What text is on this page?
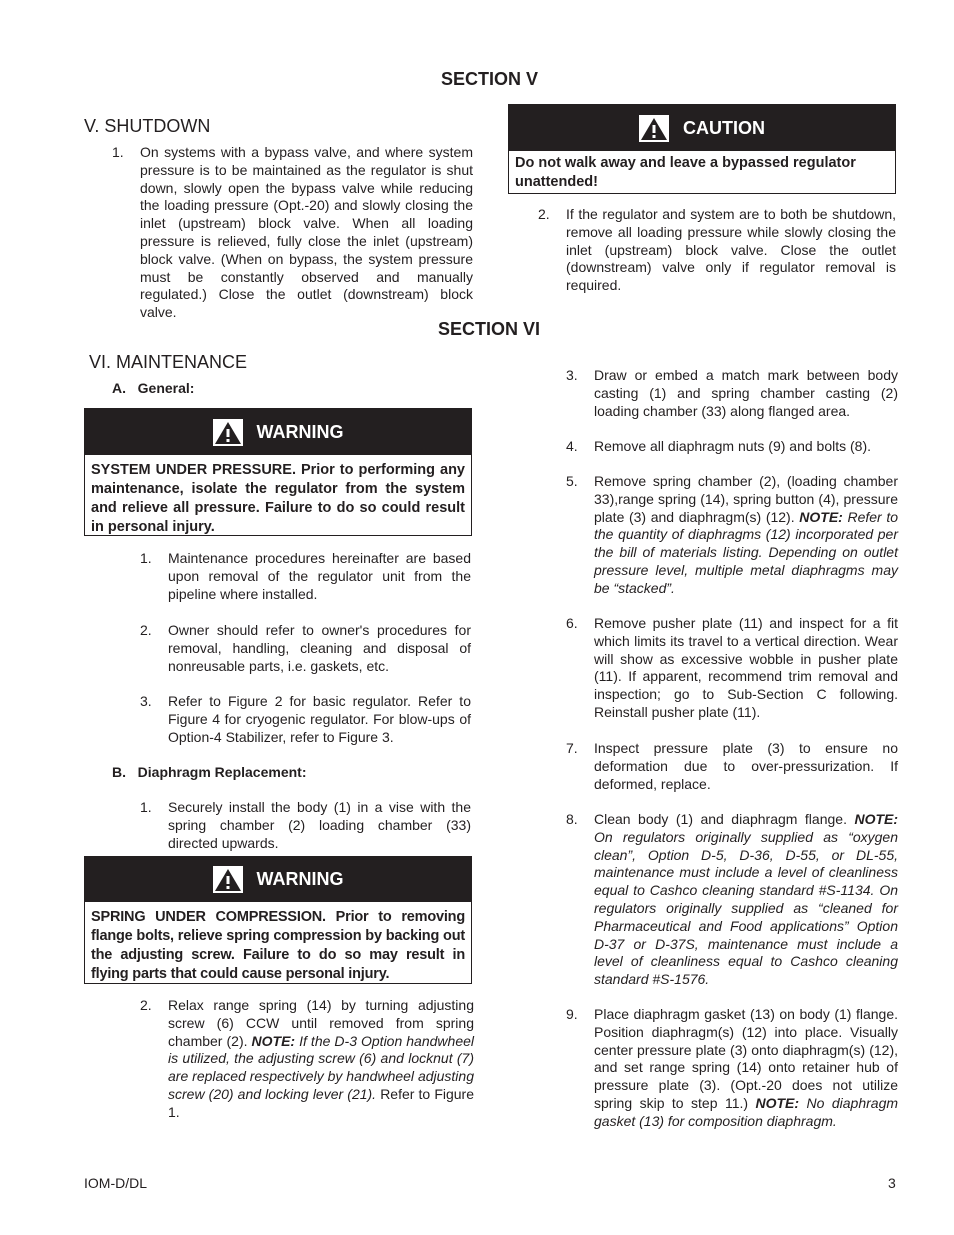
SECTION V
V. SHUTDOWN
1. On systems with a bypass valve, and where system pressure is to be maintained as the regulator is shut down, slowly open the bypass valve while reducing the loading pressure (Opt.-20) and slowly closing the inlet (upstream) block valve. When all loading pressure is relieved, fully close the inlet (upstream) block valve. (When on bypass, the system pressure must be constantly observed and manually regulated.) Close the outlet (downstream) block valve.
CAUTION
Do not walk away and leave a bypassed regulator unattended!
2. If the regulator and system are to both be shutdown, remove all loading pressure while slowly closing the inlet (upstream) block valve. Close the outlet (downstream) valve only if regulator removal is required.
SECTION VI
VI. MAINTENANCE
A.   General:
WARNING
SYSTEM UNDER PRESSURE. Prior to performing any maintenance, isolate the regulator from the system and relieve all pressure. Failure to do so could result in personal injury.
1. Maintenance procedures hereinafter are based upon removal of the regulator unit from the pipeline where installed.
2. Owner should refer to owner's procedures for removal, handling, cleaning and disposal of nonreusable parts, i.e. gaskets, etc.
3. Refer to Figure 2 for basic regulator. Refer to Figure 4 for cryogenic regulator. For blow-ups of Option-4 Stabilizer, refer to Figure 3.
B.   Diaphragm Replacement:
1. Securely install the body (1) in a vise with the spring chamber (2) loading chamber (33) directed upwards.
WARNING
SPRING UNDER COMPRESSION. Prior to removing flange bolts, relieve spring compression by backing out the adjusting screw. Failure to do so may result in flying parts that could cause personal injury.
2. Relax range spring (14) by turning adjusting screw (6) CCW until removed from spring chamber (2). NOTE: If the D-3 Option handwheel is utilized, the adjusting screw (6) and locknut (7) are replaced respectively by handwheel adjusting screw (20) and locking lever (21). Refer to Figure 1.
3. Draw or embed a match mark between body casting (1) and spring chamber casting (2) loading chamber (33) along flanged area.
4. Remove all diaphragm nuts (9) and bolts (8).
5. Remove spring chamber (2), (loading chamber 33),range spring (14), spring button (4), pressure plate (3) and diaphragm(s) (12). NOTE: Refer to the quantity of diaphragms (12) incorporated per the bill of materials listing. Depending on outlet pressure level, multiple metal diaphragms may be “stacked”.
6. Remove pusher plate (11) and inspect for a fit which limits its travel to a vertical direction. Wear will show as excessive wobble in pusher plate (11). If apparent, recommend trim removal and inspection; go to Sub-Section C following. Reinstall pusher plate (11).
7. Inspect pressure plate (3) to ensure no deformation due to over-pressurization. If deformed, replace.
8. Clean body (1) and diaphragm flange. NOTE: On regulators originally supplied as “oxygen clean”, Option D-5, D-36, D-55, or DL-55, maintenance must include a level of cleanliness equal to Cashco cleaning standard #S-1134. On regulators originally supplied as “cleaned for Pharmaceutical and Food applications” Option D-37 or D-37S, maintenance must include a level of cleanliness equal to Cashco cleaning standard #S-1576.
9. Place diaphragm gasket (13) on body (1) flange. Position diaphragm(s) (12) into place. Visually center pressure plate (3) onto diaphragm(s) (12), and set range spring (14) onto retainer hub of pressure plate (3). (Opt.-20 does not utilize spring skip to step 11.) NOTE: No diaphragm gasket (13) for composition diaphragm.
IOM-D/DL	3
